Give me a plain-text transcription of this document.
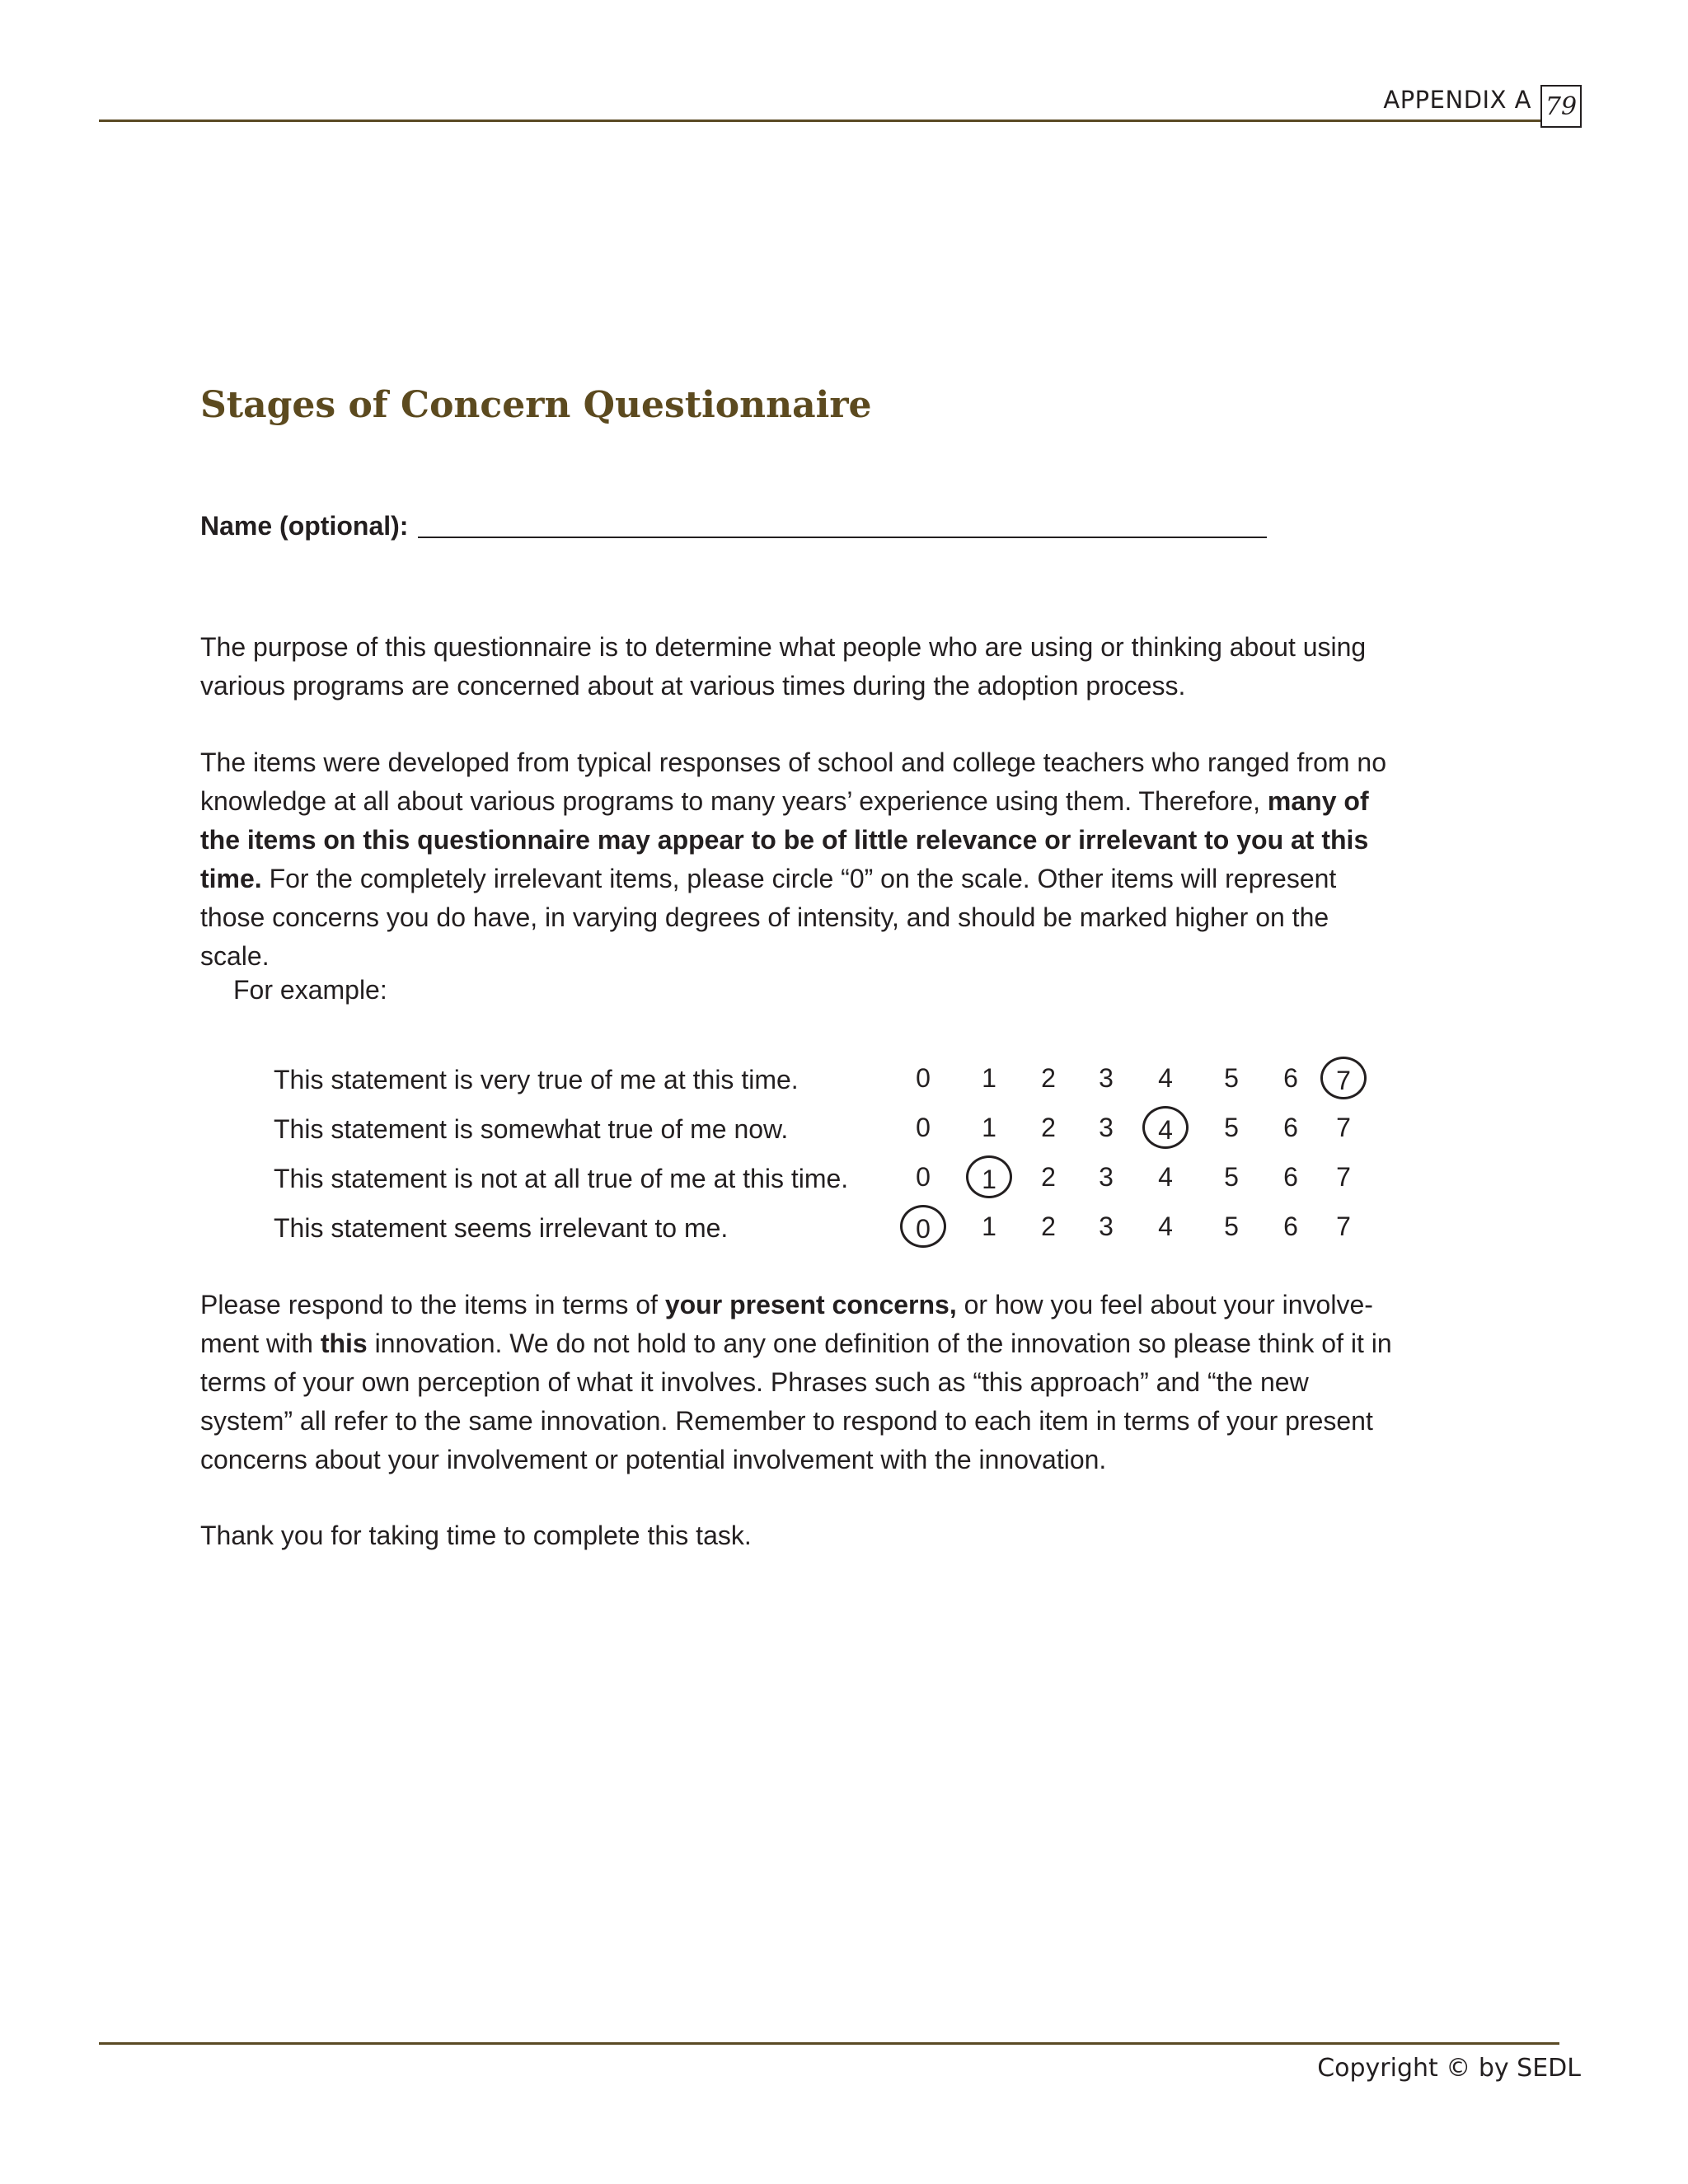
APPENDIX A 79
Stages of Concern Questionnaire
Name (optional):

The purpose of this questionnaire is to determine what people who are using or thinking about using various programs are concerned about at various times during the adoption process.

The items were developed from typical responses of school and college teachers who ranged from no knowledge at all about various programs to many years’ experience using them. Therefore, many of the items on this questionnaire may appear to be of little relevance or irrelevant to you at this time. For the completely irrelevant items, please circle “0” on the scale. Other items will represent those concerns you do have, in varying degrees of intensity, and should be marked higher on the scale.

For example:

This statement is very true of me at this time.	0	1	2	3	4	5	6	7
This statement is somewhat true of me now.	0	1	2	3	4	5	6	7
This statement is not at all true of me at this time.	0	1	2	3	4	5	6	7
This statement seems irrelevant to me.	0	1	2	3	4	5	6	7

Please respond to the items in terms of your present concerns, or how you feel about your involve-ment with this innovation. We do not hold to any one definition of the innovation so please think of it in terms of your own perception of what it involves. Phrases such as “this approach” and “the new system” all refer to the same innovation. Remember to respond to each item in terms of your present concerns about your involvement or potential involvement with the innovation.

Thank you for taking time to complete this task.

Copyright © by SEDL
